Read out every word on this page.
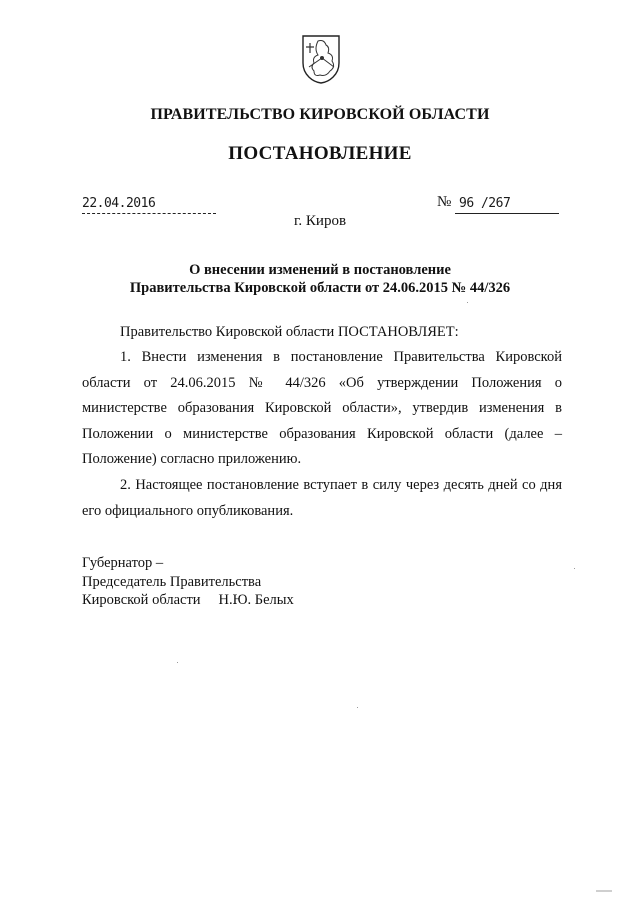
ПРАВИТЕЛЬСТВО КИРОВСКОЙ ОБЛАСТИ
ПОСТАНОВЛЕНИЕ
22.04.2016	№ 96 /267
г. Киров
О внесении изменений в постановление
Правительства Кировской области от 24.06.2015 № 44/326
Правительство Кировской области ПОСТАНОВЛЯЕТ:
1. Внести изменения в постановление Правительства Кировской области от 24.06.2015 № 44/326 «Об утверждении Положения о министерстве образования Кировской области», утвердив изменения в Положении о министерстве образования Кировской области (далее – Положение) согласно приложению.
2. Настоящее постановление вступает в силу через десять дней со дня его официального опубликования.
Губернатор –
Председатель Правительства
Кировской области Н.Ю. Белых
